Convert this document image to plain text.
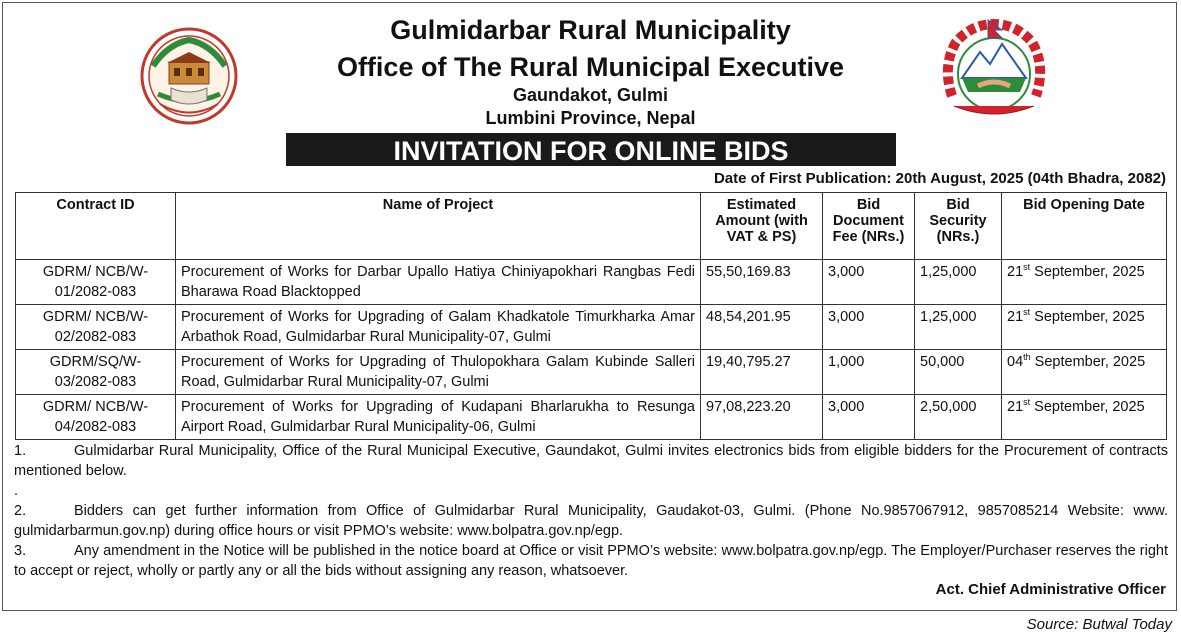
Gulmidarbar Rural Municipality
Office of The Rural Municipal Executive
Gaundakot, Gulmi
Lumbini Province, Nepal
INVITATION FOR ONLINE BIDS
Date of First Publication: 20th August, 2025 (04th Bhadra, 2082)
Contract ID	Name of Project	Estimated Amount (with VAT & PS)	Bid Document Fee (NRs.)	Bid Security (NRs.)	Bid Opening Date
GDRM/ NCB/W-01/2082-083	Procurement of Works for Darbar Upallo Hatiya Chiniyapokhari Rangbas Fedi Bharawa Road Blacktopped	55,50,169.83	3,000	1,25,000	21st September, 2025
GDRM/ NCB/W-02/2082-083	Procurement of Works for Upgrading of Galam Khadkatole Timurkharka Amar Arbathok Road, Gulmidarbar Rural Municipality-07, Gulmi	48,54,201.95	3,000	1,25,000	21st September, 2025
GDRM/SQ/W- 03/2082-083	Procurement of Works for Upgrading of Thulopokhara Galam Kubinde Salleri Road, Gulmidarbar Rural Municipality-07, Gulmi	19,40,795.27	1,000	50,000	04th September, 2025
GDRM/ NCB/W-04/2082-083	Procurement of Works for Upgrading of Kudapani Bharlarukha to Resunga Airport Road, Gulmidarbar Rural Municipality-06, Gulmi	97,08,223.20	3,000	2,50,000	21st September, 2025

1.	Gulmidarbar Rural Municipality, Office of the Rural Municipal Executive, Gaundakot, Gulmi invites electronics bids from eligible bidders for the Procurement of contracts mentioned below.

.

2.	Bidders can get further information from Office of Gulmidarbar Rural Municipality, Gaudakot-03, Gulmi. (Phone No.9857067912, 9857085214 Website: www. gulmidarbarmun.gov.np) during office hours or visit PPMO’s website: www.bolpatra.gov.np/egp.

3.	Any amendment in the Notice will be published in the notice board at Office or visit PPMO’s website: www.bolpatra.gov.np/egp. The Employer/Purchaser reserves the right to accept or reject, wholly or partly any or all the bids without assigning any reason, whatsoever.

Act. Chief Administrative Officer
Source: Butwal Today
